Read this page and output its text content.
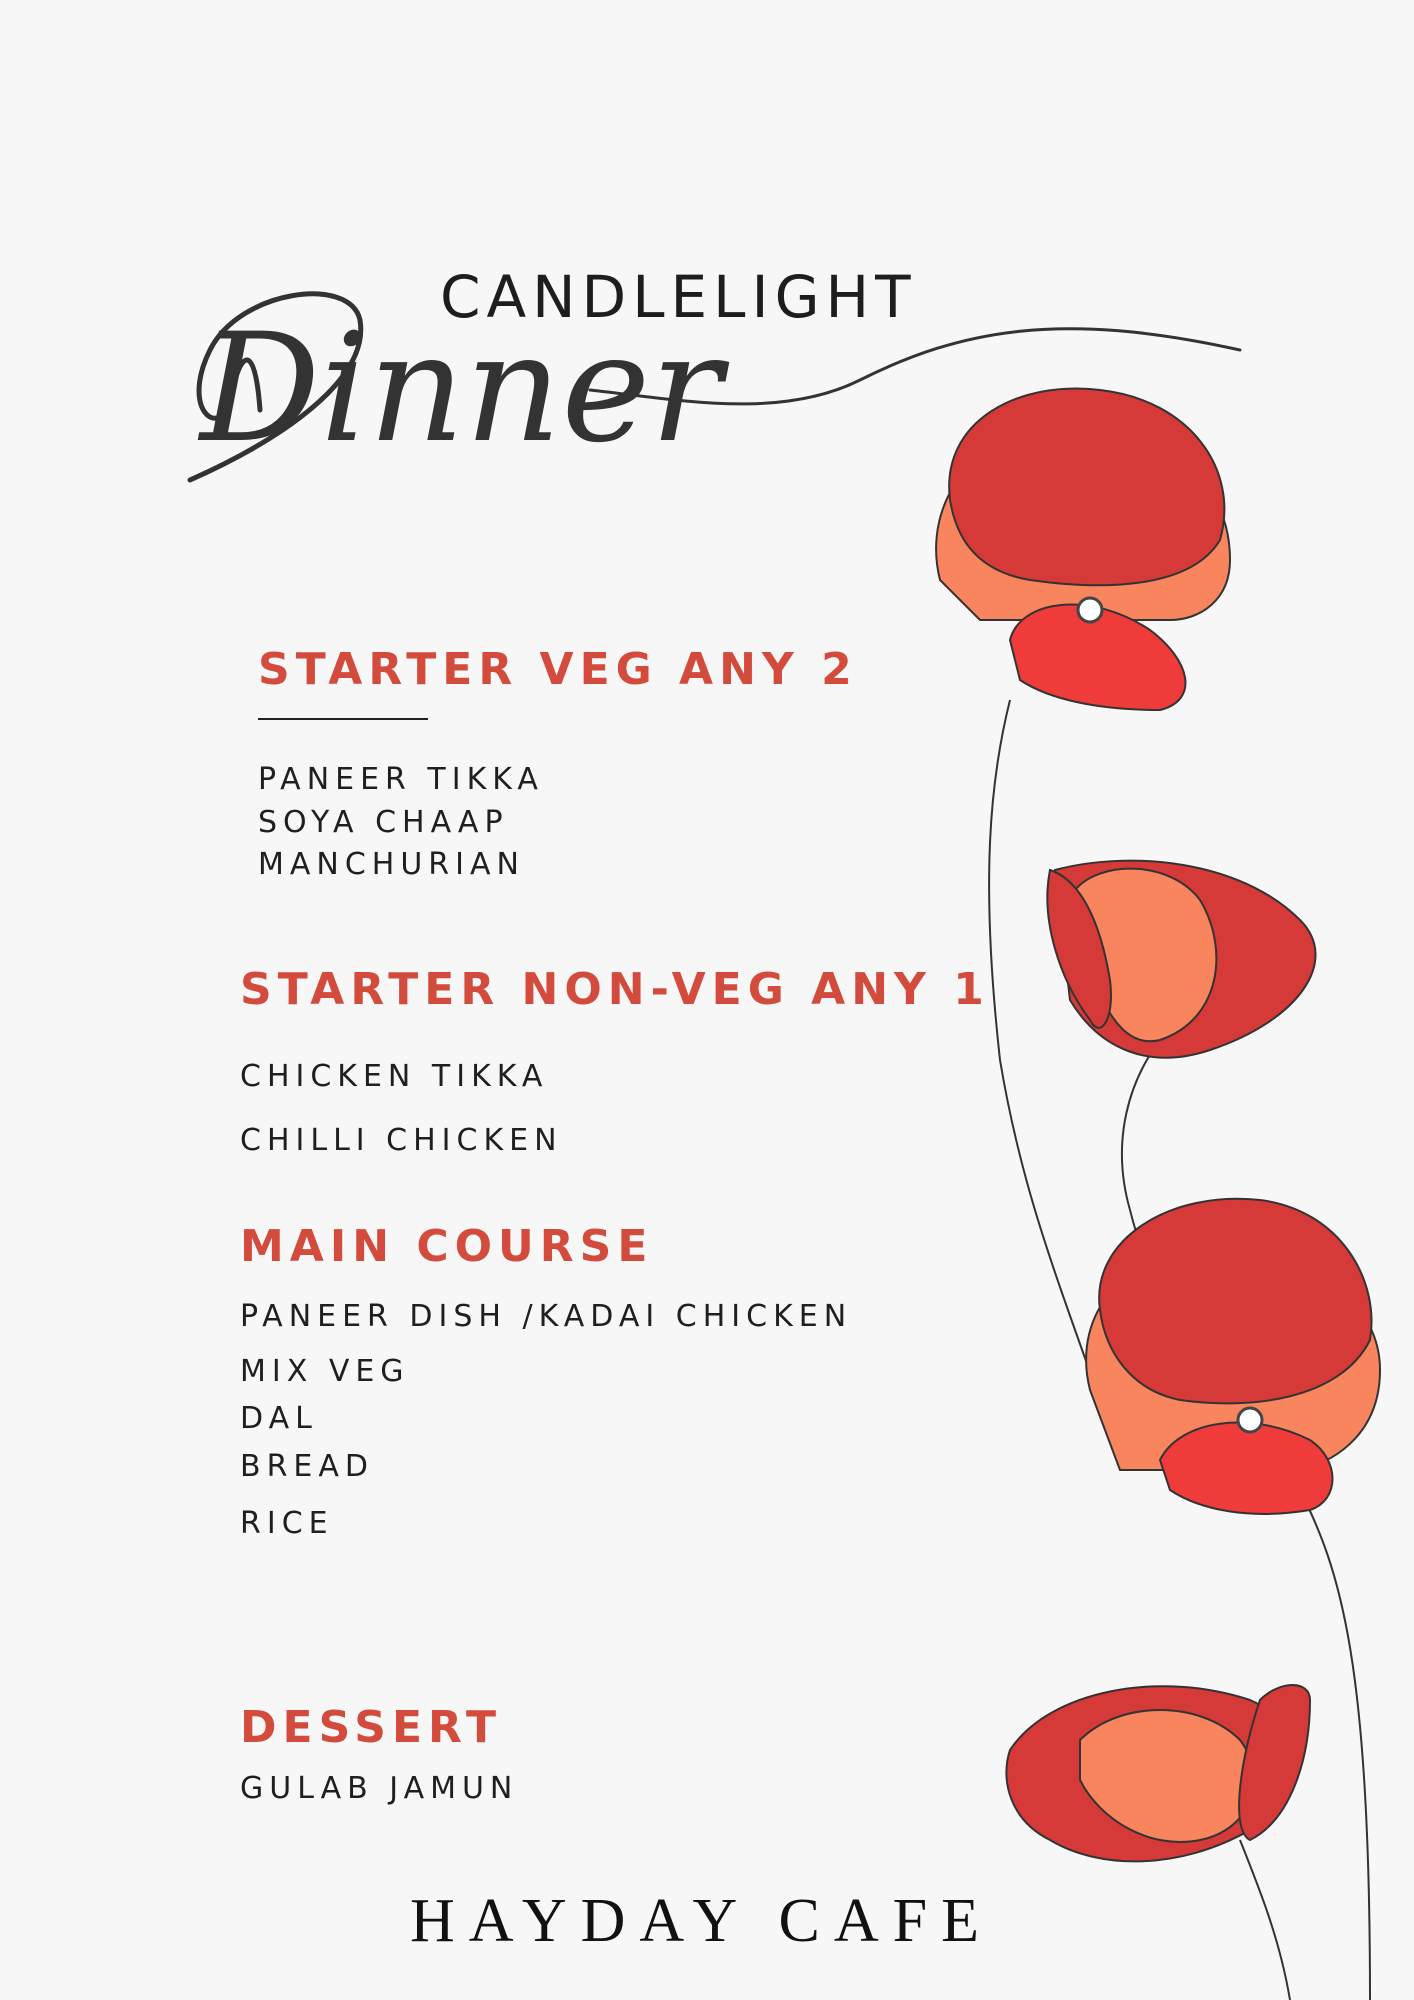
CANDLELIGHT
Dinner
STARTER VEG ANY 2
PANEER TIKKA
SOYA CHAAP
MANCHURIAN
STARTER NON-VEG ANY 1
CHICKEN TIKKA
CHILLI CHICKEN
MAIN COURSE
PANEER DISH /KADAI CHICKEN
MIX VEG
DAL
BREAD
RICE
DESSERT
GULAB JAMUN
HAYDAY CAFE
